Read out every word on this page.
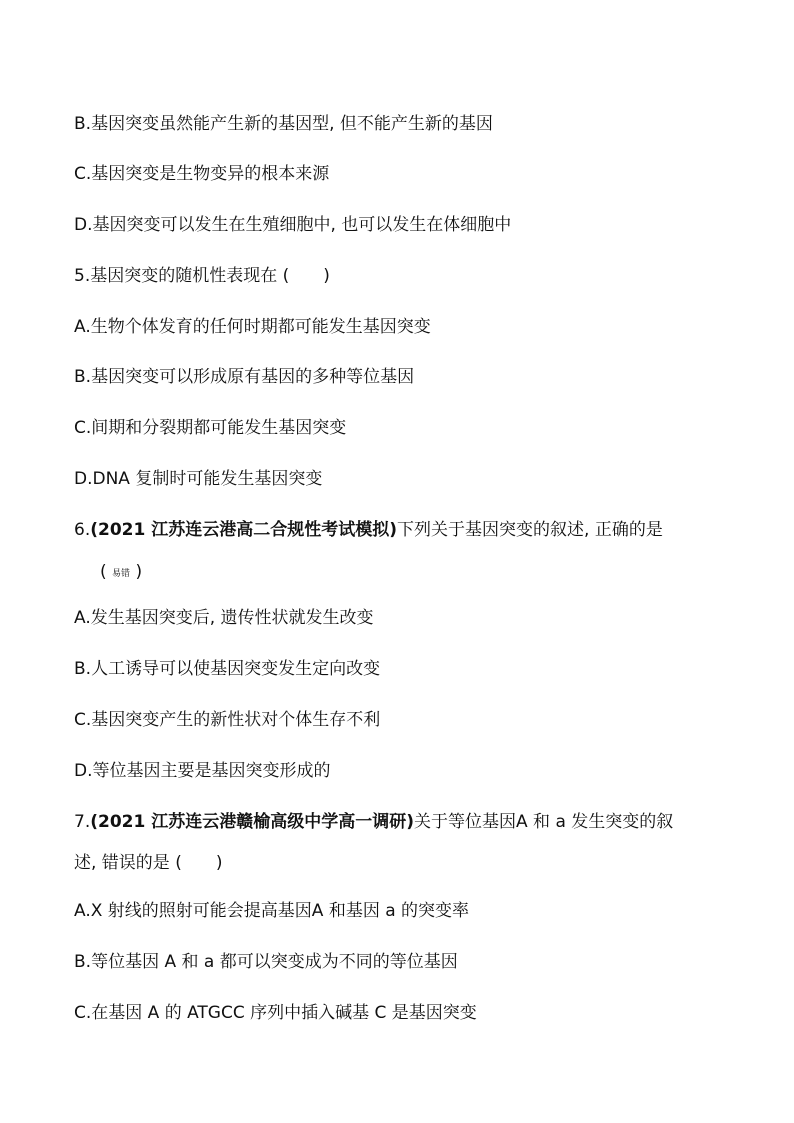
B.基因突变虽然能产生新的基因型, 但不能产生新的基因
C.基因突变是生物变异的根本来源
D.基因突变可以发生在生殖细胞中, 也可以发生在体细胞中
5.基因突变的随机性表现在 (　　)
A.生物个体发育的任何时期都可能发生基因突变
B.基因突变可以形成原有基因的多种等位基因
C.间期和分裂期都可能发生基因突变
D.DNA 复制时可能发生基因突变
6.(2021 江苏连云港高二合规性考试模拟)下列关于基因突变的叙述, 正确的是
( 易错 )
A.发生基因突变后, 遗传性状就发生改变
B.人工诱导可以使基因突变发生定向改变
C.基因突变产生的新性状对个体生存不利
D.等位基因主要是基因突变形成的
7.(2021 江苏连云港赣榆高级中学高一调研)关于等位基因A 和 a 发生突变的叙
述, 错误的是 (　　)
A.X 射线的照射可能会提高基因A 和基因 a 的突变率
B.等位基因 A 和 a 都可以突变成为不同的等位基因
C.在基因 A 的 ATGCC 序列中插入碱基 C 是基因突变
